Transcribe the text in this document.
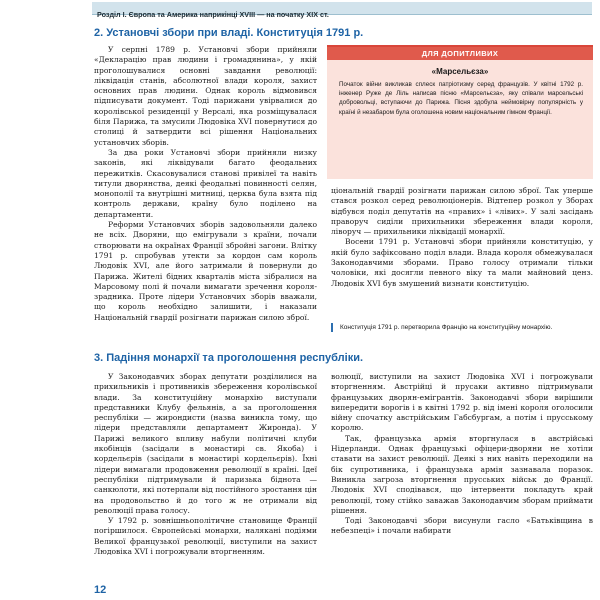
Розділ I. Європа та Америка наприкінці XVIII — на початку XIX ст.
2. Установчі збори при владі. Конституція 1791 р.

У серпні 1789 р. Установчі збори прийняли «Декларацію прав людини і громадянина», у якій проголошувалися основні завдання революції: ліквідація станів, абсолютної влади короля, захист основних прав людини. Однак король відмовився підписувати документ. Тоді парижани увірвалися до королівської резиденції у Версалі, яка розміщувалася біля Парижа, та змусили Людовіка XVI повернутися до столиці й затвердити всі рішення Національних установчих зборів.

За два роки Установчі збори прийняли низку законів, які ліквідували багато феодальних пережитків. Скасовувалися станові привілеї та навіть титули дворянства, деякі феодальні повинності селян, монополії та внутрішні митниці, церква була взята під контроль держави, країну було поділено на департаменти.

Реформи Установчих зборів задовольняли далеко не всіх. Дворяни, що емігрували з країни, почали створювати на окраїнах Франції збройні загони. Влітку 1791 р. спробував утекти за кордон сам король Людовік XVI, але його затримали й повернули до Парижа. Жителі бідних кварталів міста зібралися на Марсовому полі й почали вимагати зречення короля-зрадника. Проте лідери Установчих зборів вважали, що король необхідно залишити, і наказали Національній гвардії розігнати парижан силою зброї.

ДЛЯ ДОПИТЛИВИХ
«Марсельєза»
Початок війни викликав сплеск патріотизму серед французів. У квітні 1792 р. інженер Руже де Ліль написав пісню «Марсельєза», яку співали марсельські добровольці, вступаючи до Парижа. Пісня здобула неймовірну популярність у країні й незабаром була оголошена новим національним гімном Франції.

ціональній гвардії розігнати парижан силою зброї. Так уперше стався розкол серед революціонерів. Відтепер розкол у Зборах відбувся поділ депутатів на «правих» і «лівих». У залі засідань праворуч сиділи прихильники збереження влади короля, ліворуч — прихильники ліквідації монархії.

Восени 1791 р. Установчі збори прийняли конституцію, у якій було зафіксовано поділ влади. Влада короля обмежувалася Законодавчими зборами. Право голосу отримали тільки чоловіки, які досягли певного віку та мали майновий ценз. Людовік XVI був змушений визнати конституцію.

Конституція 1791 р. перетворила Францію на конституційну монархію.
3. Падіння монархії та проголошення республіки.

У Законодавчих зборах депутати розділилися на прихильників і противників збереження королівської влади. За конституційну монархію виступали представники Клубу фельянів, а за проголошення республіки — жирондисти (назва виникла тому, що лідери представляли департамент Жиронда). У Парижі великого впливу набули політичні клуби якобінців (засідали в монастирі св. Якоба) і кордельєрів (засідали в монастирі кордельєрів). Їхні лідери вимагали продовження революції в країні. Ідеї республіки підтримували й паризька біднота — санкюлоти, які потерпали від постійного зростання цін на продовольство й до того ж не отримали від революції права голосу.

У 1792 р. зовнішньополітичне становище Франції погіршилося. Європейські монархи, налякані подіями Великої французької революції, виступили на захист Людовіка XVI і погрожували вторгненням.

волюції, виступили на захист Людовіка XVI і погрожували вторгненням. Австрійці й прусаки активно підтримували французьких дворян-емігрантів. Законодавчі збори вирішили випередити ворогів і в квітні 1792 р. від імені короля оголосили війну спочатку австрійським Габсбургам, а потім і прусському королю.

Так, французька армія вторгнулася в австрійські Нідерланди. Однак французькі офіцери-дворяни не хотіли ставати на захист революції. Деякі з них навіть переходили на бік супротивника, і французька армія зазнавала поразок. Виникла загроза вторгнення прусських військ до Франції. Людовік XVI сподівався, що інтервенти покладуть край революції, тому стійко заважав Законодавчим зборам приймати рішення.

Тоді Законодавчі збори висунули гасло «Батьківщина в небезпеці» і почали набирати

12
